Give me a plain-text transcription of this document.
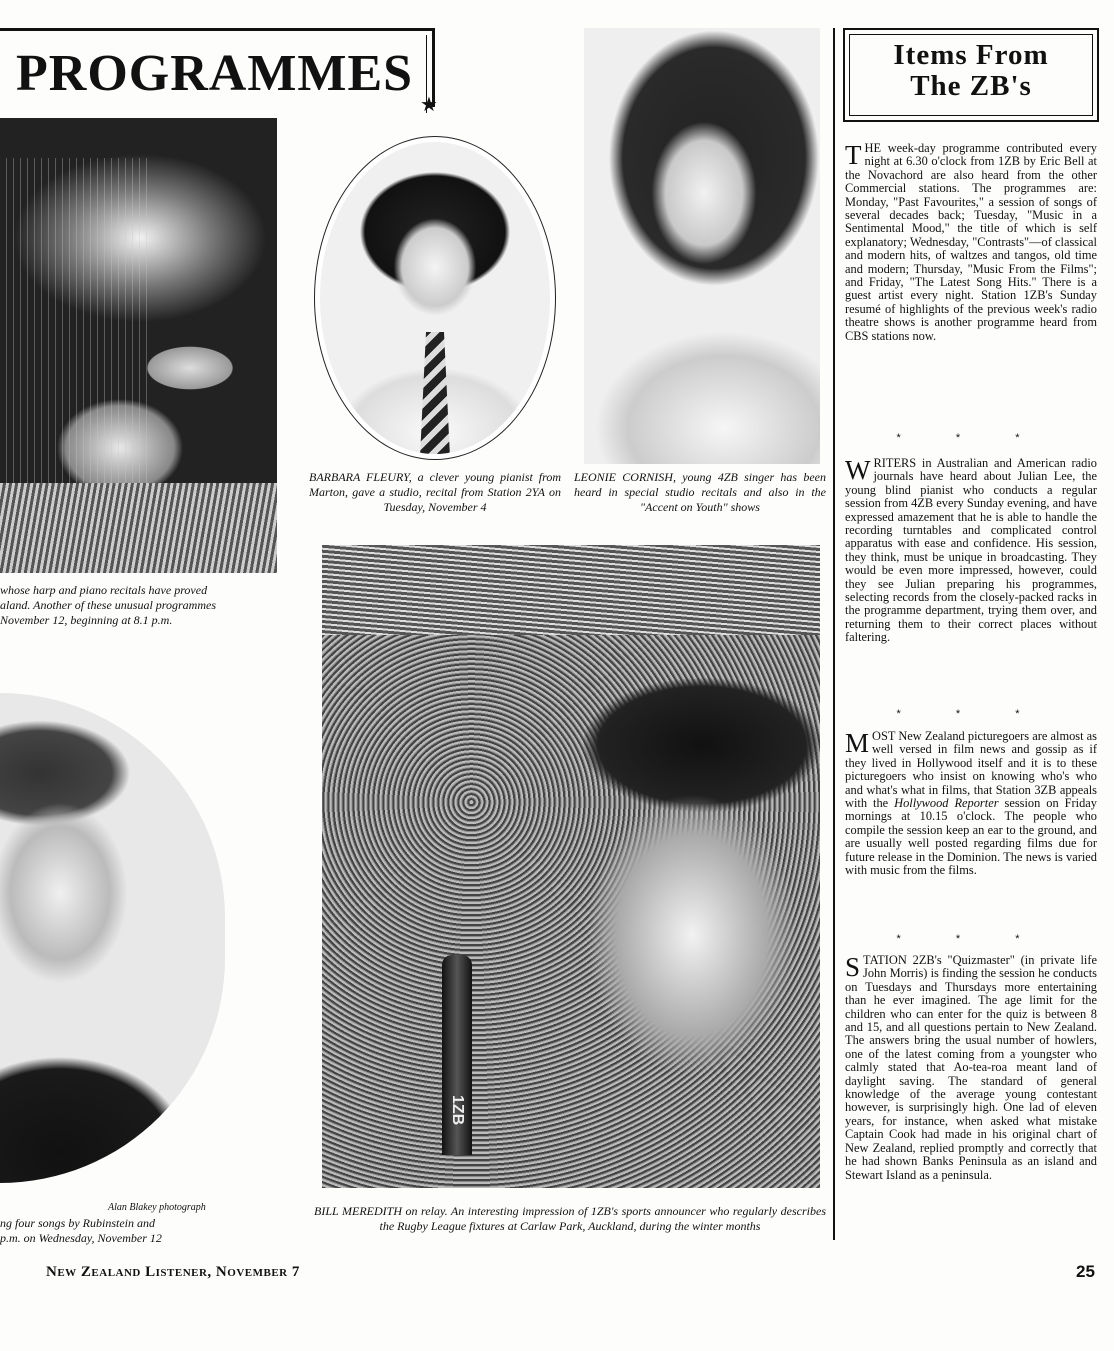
PROGRAMMES
★
whose harp and piano recitals have proved
aland. Another of these unusual programmes
November 12, beginning at 8.1 p.m.
BARBARA FLEURY, a clever young pianist from Marton, gave a studio, recital from Station 2YA on Tuesday, November 4
LEONIE CORNISH, young 4ZB singer has been heard in special studio recitals and also in the "Accent on Youth" shows
Alan Blakey photograph
ng four songs by Rubinstein and
p.m. on Wednesday, November 12
1ZB
BILL MEREDITH on relay. An interesting impression of 1ZB's sports announcer who regularly describes the Rugby League fixtures at Carlaw Park, Auckland, during the winter months
Items From
The ZB's

THE week-day programme contributed every night at 6.30 o'clock from 1ZB by Eric Bell at the Novachord are also heard from the other Commercial stations. The programmes are: Monday, "Past Favourites," a session of songs of several decades back; Tuesday, "Music in a Sentimental Mood," the title of which is self explanatory; Wednesday, "Contrasts"—of classical and modern hits, of waltzes and tangos, old time and modern; Thursday, "Music From the Films"; and Friday, "The Latest Song Hits." There is a guest artist every night. Station 1ZB's Sunday resumé of highlights of the previous week's radio theatre shows is another programme heard from CBS stations now.

* * *

WRITERS in Australian and American radio journals have heard about Julian Lee, the young blind pianist who conducts a regular session from 4ZB every Sunday evening, and have expressed amazement that he is able to handle the recording turntables and complicated control apparatus with ease and confidence. His session, they think, must be unique in broadcasting. They would be even more impressed, however, could they see Julian preparing his programmes, selecting records from the closely-packed racks in the programme department, trying them over, and returning them to their correct places without faltering.

* * *

MOST New Zealand picturegoers are almost as well versed in film news and gossip as if they lived in Hollywood itself and it is to these picturegoers who insist on knowing who's who and what's what in films, that Station 3ZB appeals with the Hollywood Reporter session on Friday mornings at 10.15 o'clock. The people who compile the session keep an ear to the ground, and are usually well posted regarding films due for future release in the Dominion. The news is varied with music from the films.

* * *

STATION 2ZB's "Quizmaster" (in private life John Morris) is finding the session he conducts on Tuesdays and Thursdays more entertaining than he ever imagined. The age limit for the children who can enter for the quiz is between 8 and 15, and all questions pertain to New Zealand. The answers bring the usual number of howlers, one of the latest coming from a youngster who calmly stated that Ao-tea-roa meant land of daylight saving. The standard of general knowledge of the average young contestant however, is surprisingly high. One lad of eleven years, for instance, when asked what mistake Captain Cook had made in his original chart of New Zealand, replied promptly and correctly that he had shown Banks Peninsula as an island and Stewart Island as a peninsula.

New Zealand Listener, November 7	25
